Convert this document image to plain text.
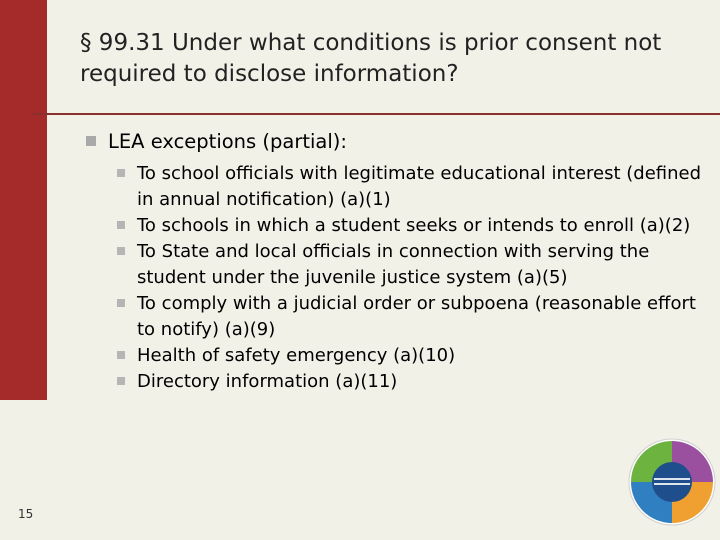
§ 99.31 Under what conditions is prior consent not required to disclose information?
LEA exceptions (partial):
To school officials with legitimate educational interest (defined in annual notification) (a)(1)
To schools in which a student seeks or intends to enroll (a)(2)
To State and local officials in connection with serving the student under the juvenile justice system (a)(5)
To comply with a judicial order or subpoena (reasonable effort to notify) (a)(9)
Health of safety emergency (a)(10)
Directory information (a)(11)
15
